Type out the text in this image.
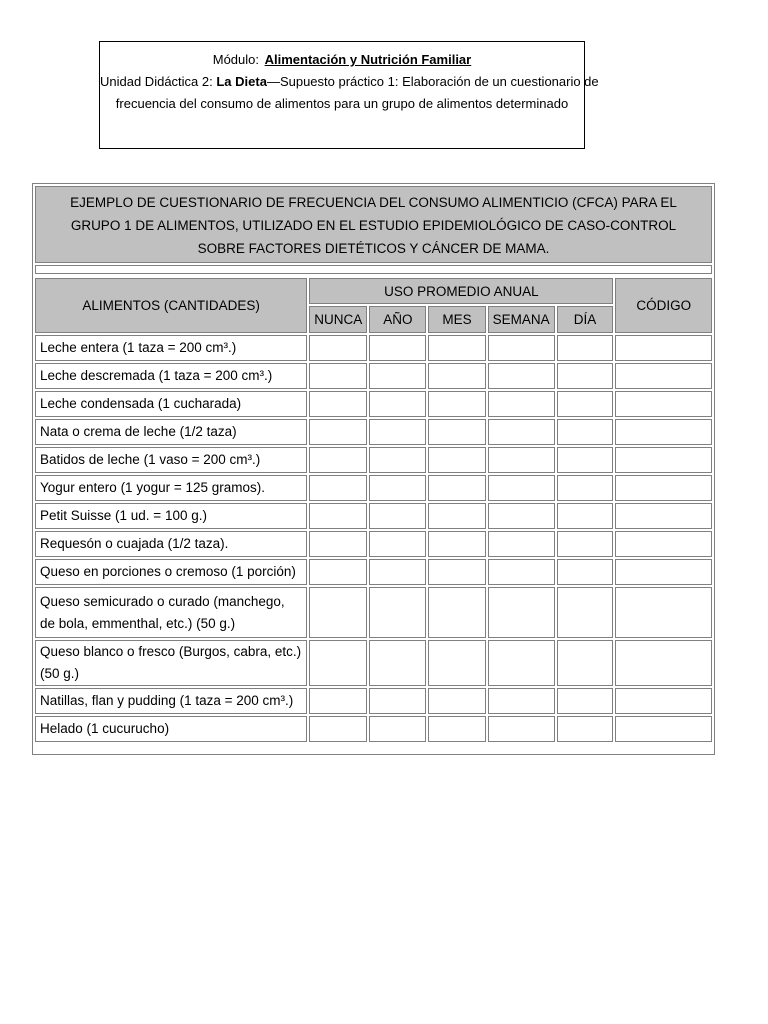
Módulo: Alimentación y Nutrición Familiar
Unidad Didáctica 2: La Dieta—Supuesto práctico 1: Elaboración de un cuestionario de
frecuencia del consumo de alimentos para un grupo de alimentos determinado
EJEMPLO DE CUESTIONARIO DE FRECUENCIA DEL CONSUMO ALIMENTICIO (CFCA) PARA EL GRUPO 1 DE ALIMENTOS, UTILIZADO EN EL ESTUDIO EPIDEMIOLÓGICO DE CASO-CONTROL SOBRE FACTORES DIETÉTICOS Y CÁNCER DE MAMA.
ALIMENTOS (CANTIDADES)	USO PROMEDIO ANUAL					CÓDIGO
	NUNCA	AÑO	MES	SEMANA	DÍA	
Leche entera (1 taza = 200 cm³.)						
Leche descremada (1 taza = 200 cm³.)						
Leche condensada (1 cucharada)						
Nata o crema de leche (1/2 taza)						
Batidos de leche (1 vaso = 200 cm³.)						
Yogur entero (1 yogur = 125 gramos).						
Petit Suisse (1 ud. = 100 g.)						
Requesón o cuajada (1/2 taza).						
Queso en porciones o cremoso (1 porción)						
Queso semicurado o curado (manchego, de bola, emmenthal, etc.) (50 g.)						
Queso blanco o fresco (Burgos, cabra, etc.) (50 g.)						
Natillas, flan y pudding (1 taza = 200 cm³.)						
Helado (1 cucurucho)						
